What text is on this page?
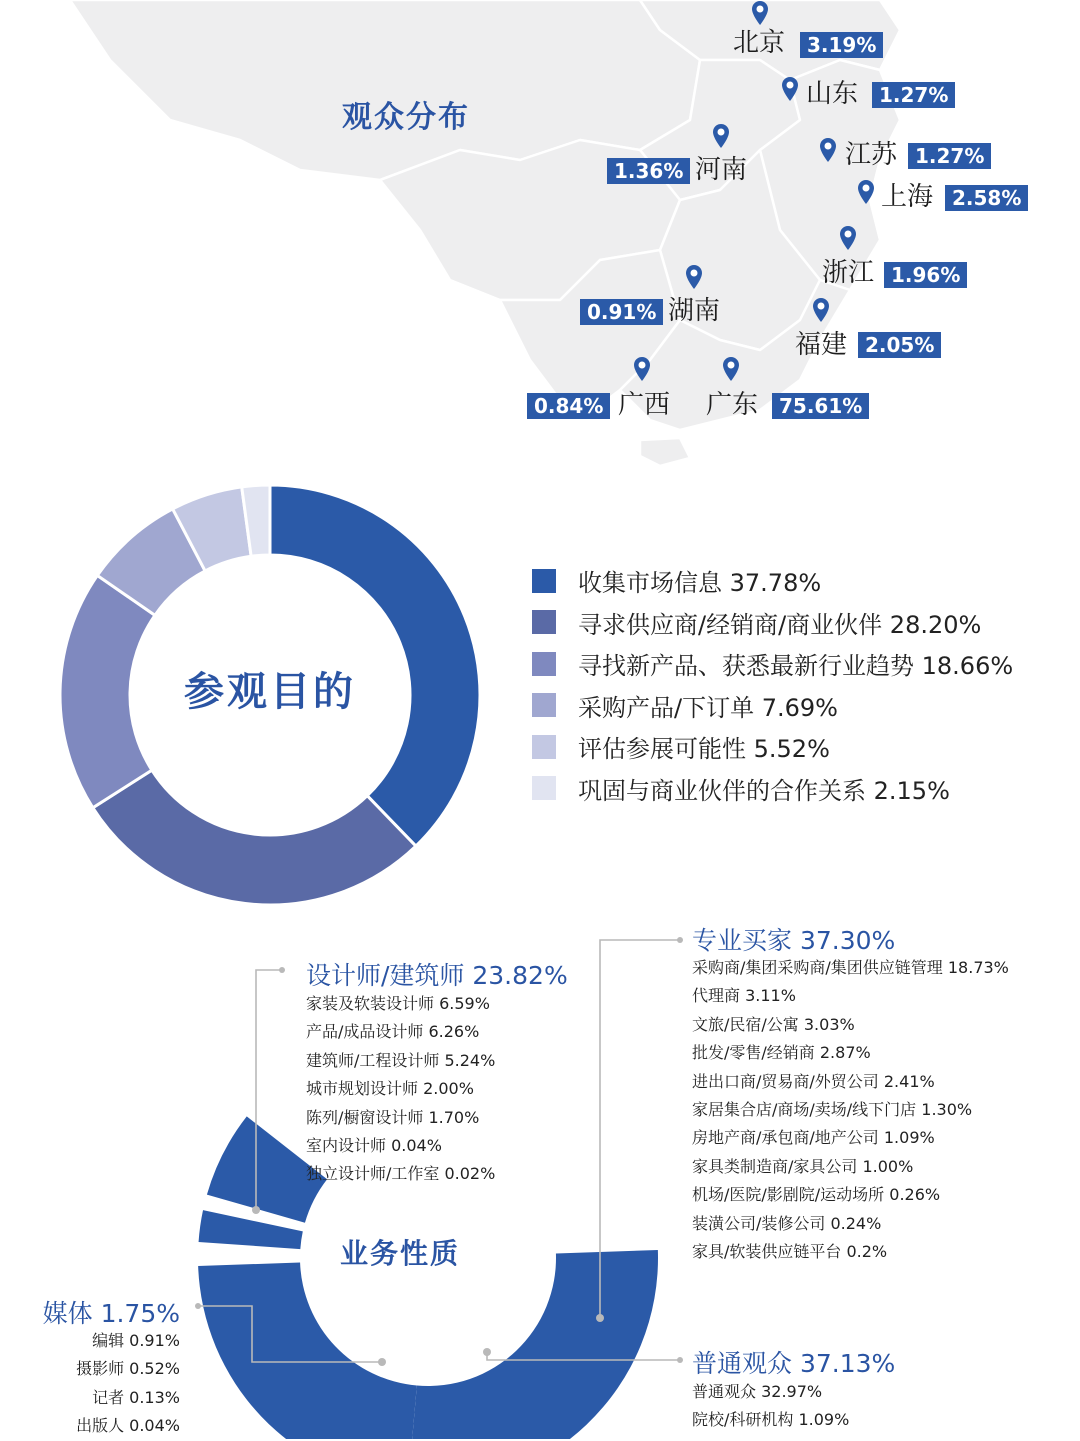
观众分布
北京	3.19%
山东	1.27%
1.36% 河南	江苏 1.27%
上海 2.58%
浙江 1.96%
0.91% 湖南
福建 2.05%
0.84% 广西 广东	75.61%
参观目的
收集市场信息 37.78%
寻求供应商/经销商/商业伙伴 28.20%
寻找新产品、获悉最新行业趋势 18.66%
采购产品/下订单 7.69%
评估参展可能性 5.52%
巩固与商业伙伴的合作关系 2.15%
业务性质
设计师/建筑师 23.82%
家装及软装设计师 6.59%
产品/成品设计师 6.26%
建筑师/工程设计师 5.24%
城市规划设计师 2.00%
陈列/橱窗设计师 1.70%
室内设计师 0.04%
独立设计师/工作室 0.02%
专业买家 37.30%
采购商/集团采购商/集团供应链管理 18.73%
代理商 3.11%
文旅/民宿/公寓 3.03%
批发/零售/经销商 2.87%
进出口商/贸易商/外贸公司 2.41%
家居集合店/商场/卖场/线下门店 1.30%
房地产商/承包商/地产公司 1.09%
家具类制造商/家具公司 1.00%
机场/医院/影剧院/运动场所 0.26%
装潢公司/装修公司 0.24%
家具/软装供应链平台 0.2%
媒体 1.75%
编辑 0.91%
摄影师 0.52%
记者 0.13%
出版人 0.04%
普通观众 37.13%
普通观众 32.97%
院校/科研机构 1.09%
